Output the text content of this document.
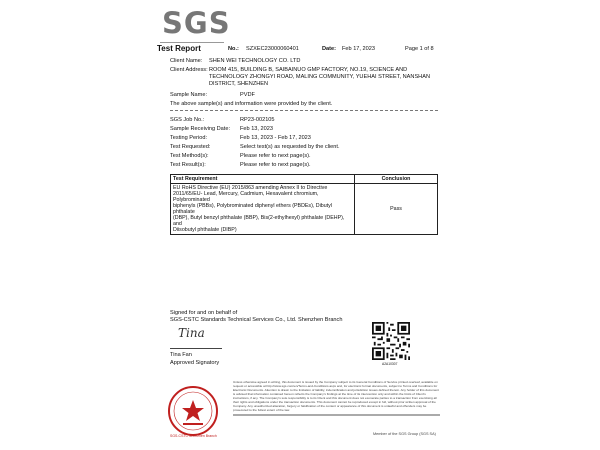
SGS
Test Report	No.: SZXEC23000060401	Date: Feb 17, 2023	Page 1 of 8
Client Name: SHEN WEI TECHNOLOGY CO. LTD
Client Address: ROOM 415, BUILDING B, SAIBAINUO GMP FACTORY, NO.19, SCIENCE AND
TECHNOLOGY ZHONGYI ROAD, MALING COMMUNITY, YUEHAI STREET, NANSHAN
DISTRICT, SHENZHEN
Sample Name:	PVDF
The above sample(s) and information were provided by the client.
SGS Job No.:	RP23-002105
Sample Receiving Date: Feb 13, 2023
Testing Period:	Feb 13, 2023 - Feb 17, 2023
Test Requested:	Select test(s) as requested by the client.
Test Method(s):	Please refer to next page(s).
Test Result(s):	Please refer to next page(s).
Test Requirement	Conclusion

EU RoHS Directive (EU) 2015/863 amending Annex II to Directive
2011/65/EU- Lead, Mercury, Cadmium, Hexavalent chromium, Polybrominated
biphenyls (PBBs), Polybrominated diphenyl ethers (PBDEs), Dibutyl phthalate
(DBP), Butyl benzyl phthalate (BBP), Bis(2-ethylhexyl) phthalate (DEHP), and
Diisobutyl phthalate (DIBP)	Pass
Signed for and on behalf of
SGS-CSTC Standards Technical Services Co., Ltd. Shenzhen Branch
Tina
Tina Fan
Approved Signatory	A2A10307
SGS-CSTC Shenzhen Branch
Unless otherwise agreed in writing, this document is issued by the Company subject to its General Conditions of Service printed overleaf, available on request or accessible at http://www.sgs.com/en/Terms-and-Conditions.aspx and, for electronic format documents, subject to Terms and Conditions for Electronic Documents. Attention is drawn to the limitation of liability, indemnification and jurisdiction issues defined therein. Any holder of this document is advised that information contained hereon reflects the Company's findings at the time of its intervention only and within the limits of Client's instructions, if any. The Company's sole responsibility is to its Client and this document does not exonerate parties to a transaction from exercising all their rights and obligations under the transaction documents. This document cannot be reproduced except in full, without prior written approval of the Company. Any unauthorized alteration, forgery or falsification of the content or appearance of this document is unlawful and offenders may be prosecuted to the fullest extent of the law.
Member of the SGS Group (SGS SA)
